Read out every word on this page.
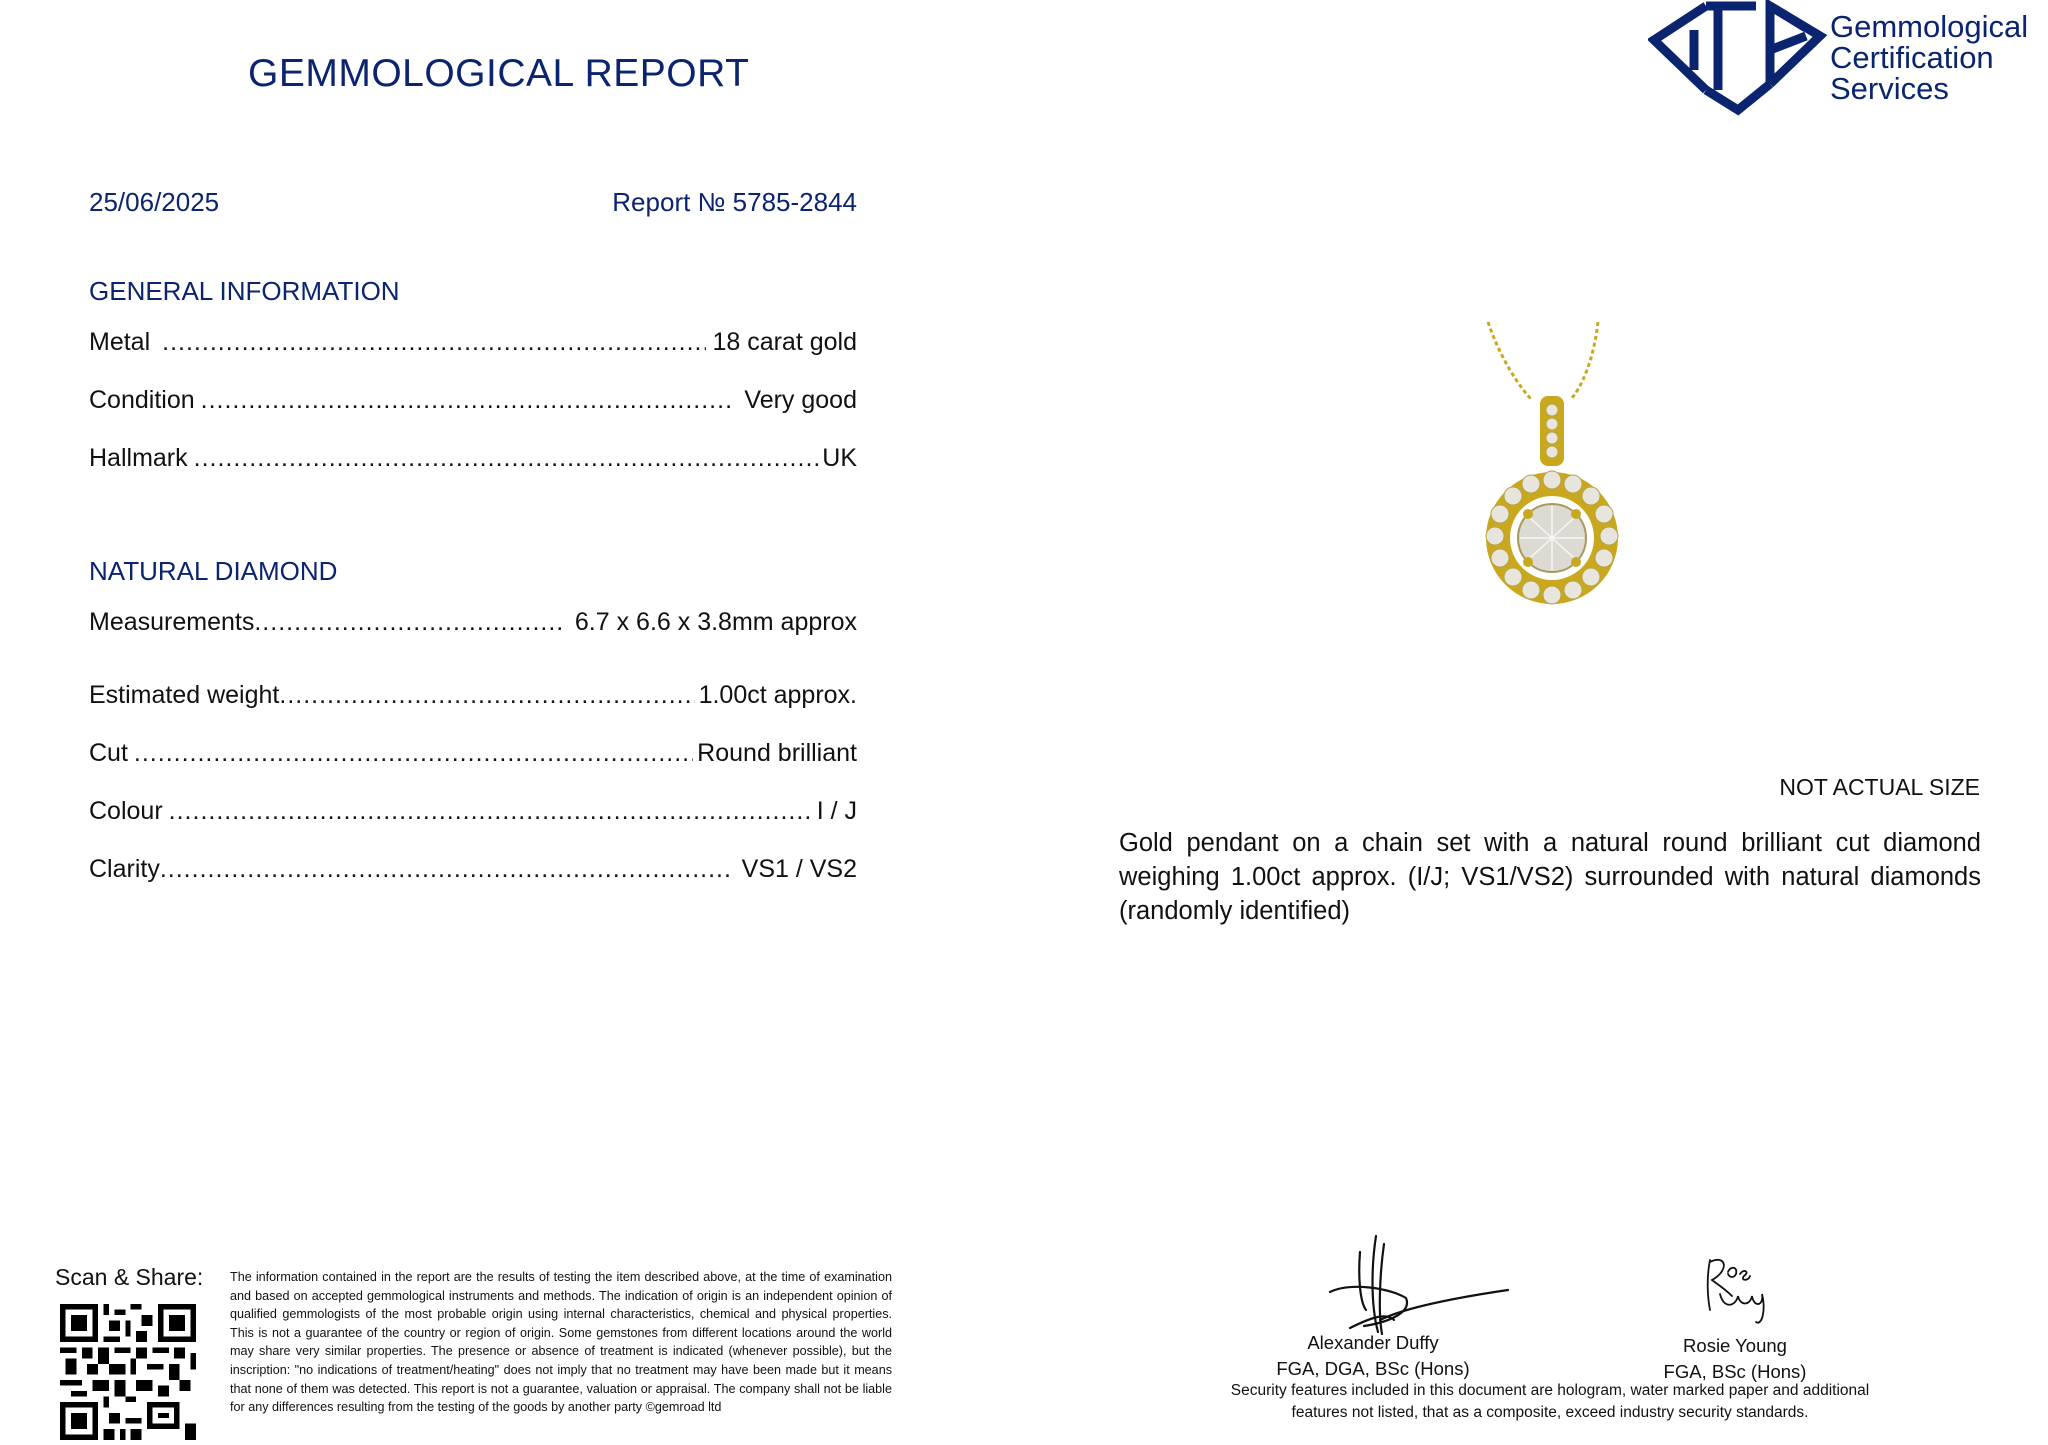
GEMMOLOGICAL REPORT
Gemmological
Certification
Services
25/06/2025	Report № 5785-2844
GENERAL INFORMATION
Metal .....	18 carat gold
Condition .....	Very good
Hallmark .....	UK
NATURAL DIAMOND
Measurements .....	6.7 x 6.6 x 3.8mm approx
Estimated weight .....	1.00ct approx.
Cut .....	Round brilliant
Colour .....	I / J
Clarity .....	VS1 / VS2
NOT ACTUAL SIZE
Gold pendant on a chain set with a natural round brilliant cut diamond weighing 1.00ct approx. (I/J; VS1/VS2) surrounded with natural diamonds (randomly identified)
Scan & Share: The information contained in the report are the results of testing the item described above, at the time of examination and based on accepted gemmological instruments and methods. The indication of origin is an independent opinion of qualified gemmologists of the most probable origin using internal characteristics, chemical and physical properties. This is not a guarantee of the country or region of origin. Some gemstones from different locations around the world may share very similar properties. The presence or absence of treatment is indicated (whenever possible), but the inscription: "no indications of treatment/heating" does not imply that no treatment may have been made but it means that none of them was detected. This report is not a guarantee, valuation or appraisal. The company shall not be liable for any differences resulting from the testing of the goods by another party ©gemroad ltd
Alexander Duffy
FGA, DGA, BSc (Hons)
Rosie Young
FGA, BSc (Hons)
Security features included in this document are hologram, water marked paper and additional features not listed, that as a composite, exceed industry security standards.
